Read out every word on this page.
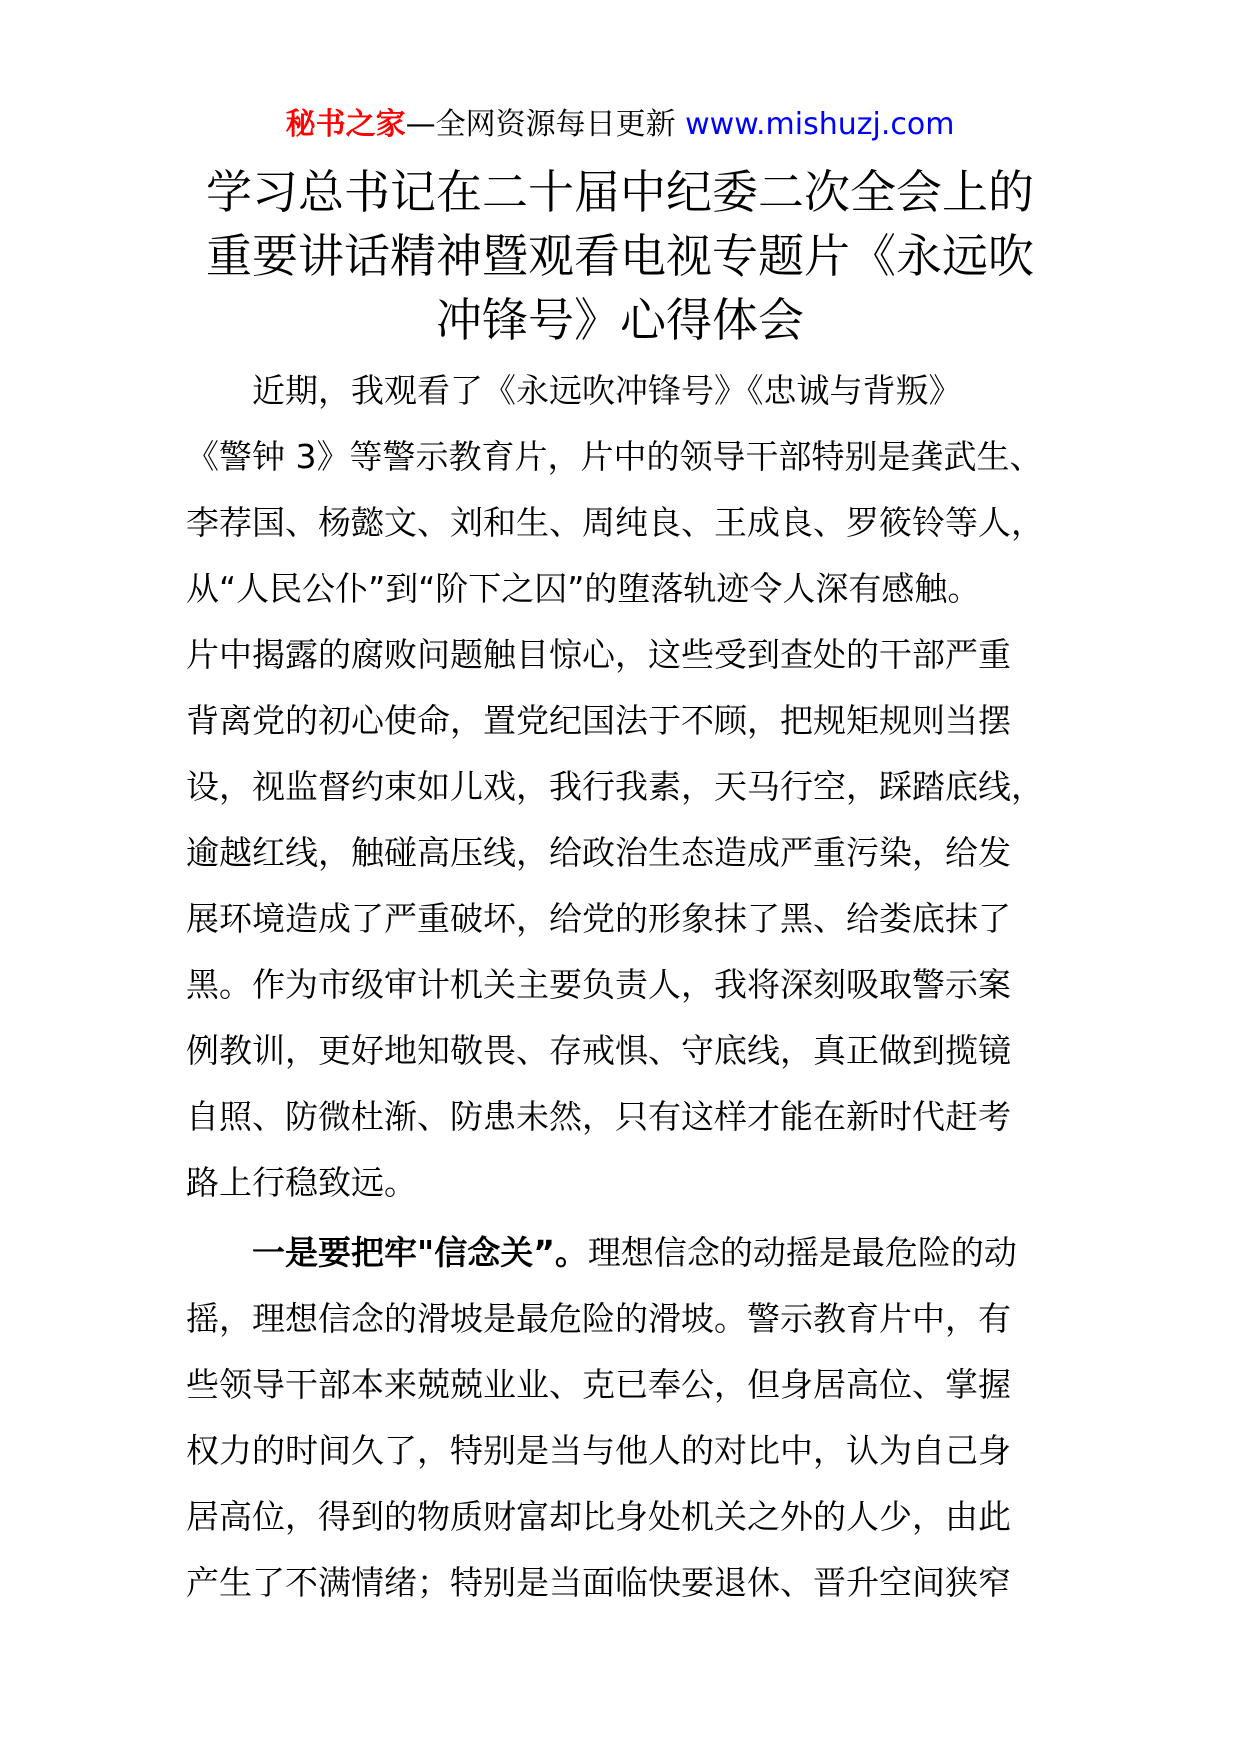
秘书之家—全网资源每日更新 www.mishuzj.com
学习总书记在二十届中纪委二次全会上的
重要讲话精神暨观看电视专题片《永远吹
冲锋号》心得体会

近期，我观看了《永远吹冲锋号》《忠诚与背叛》
《警钟 3》等警示教育片，片中的领导干部特别是龚武生、
李荐国、杨懿文、刘和生、周纯良、王成良、罗筱铃等人，
从“人民公仆”到“阶下之囚”的堕落轨迹令人深有感触。
片中揭露的腐败问题触目惊心，这些受到查处的干部严重
背离党的初心使命，置党纪国法于不顾，把规矩规则当摆
设，视监督约束如儿戏，我行我素，天马行空，踩踏底线，
逾越红线，触碰高压线，给政治生态造成严重污染，给发
展环境造成了严重破坏，给党的形象抹了黑、给娄底抹了
黑。作为市级审计机关主要负责人，我将深刻吸取警示案
例教训，更好地知敬畏、存戒惧、守底线，真正做到揽镜
自照、防微杜渐、防患未然，只有这样才能在新时代赶考
路上行稳致远。

一是要把牢"信念关”。理想信念的动摇是最危险的动
摇，理想信念的滑坡是最危险的滑坡。警示教育片中，有
些领导干部本来兢兢业业、克已奉公，但身居高位、掌握
权力的时间久了，特别是当与他人的对比中，认为自己身
居高位，得到的物质财富却比身处机关之外的人少，由此
产生了不满情绪；特别是当面临快要退休、晋升空间狭窄
